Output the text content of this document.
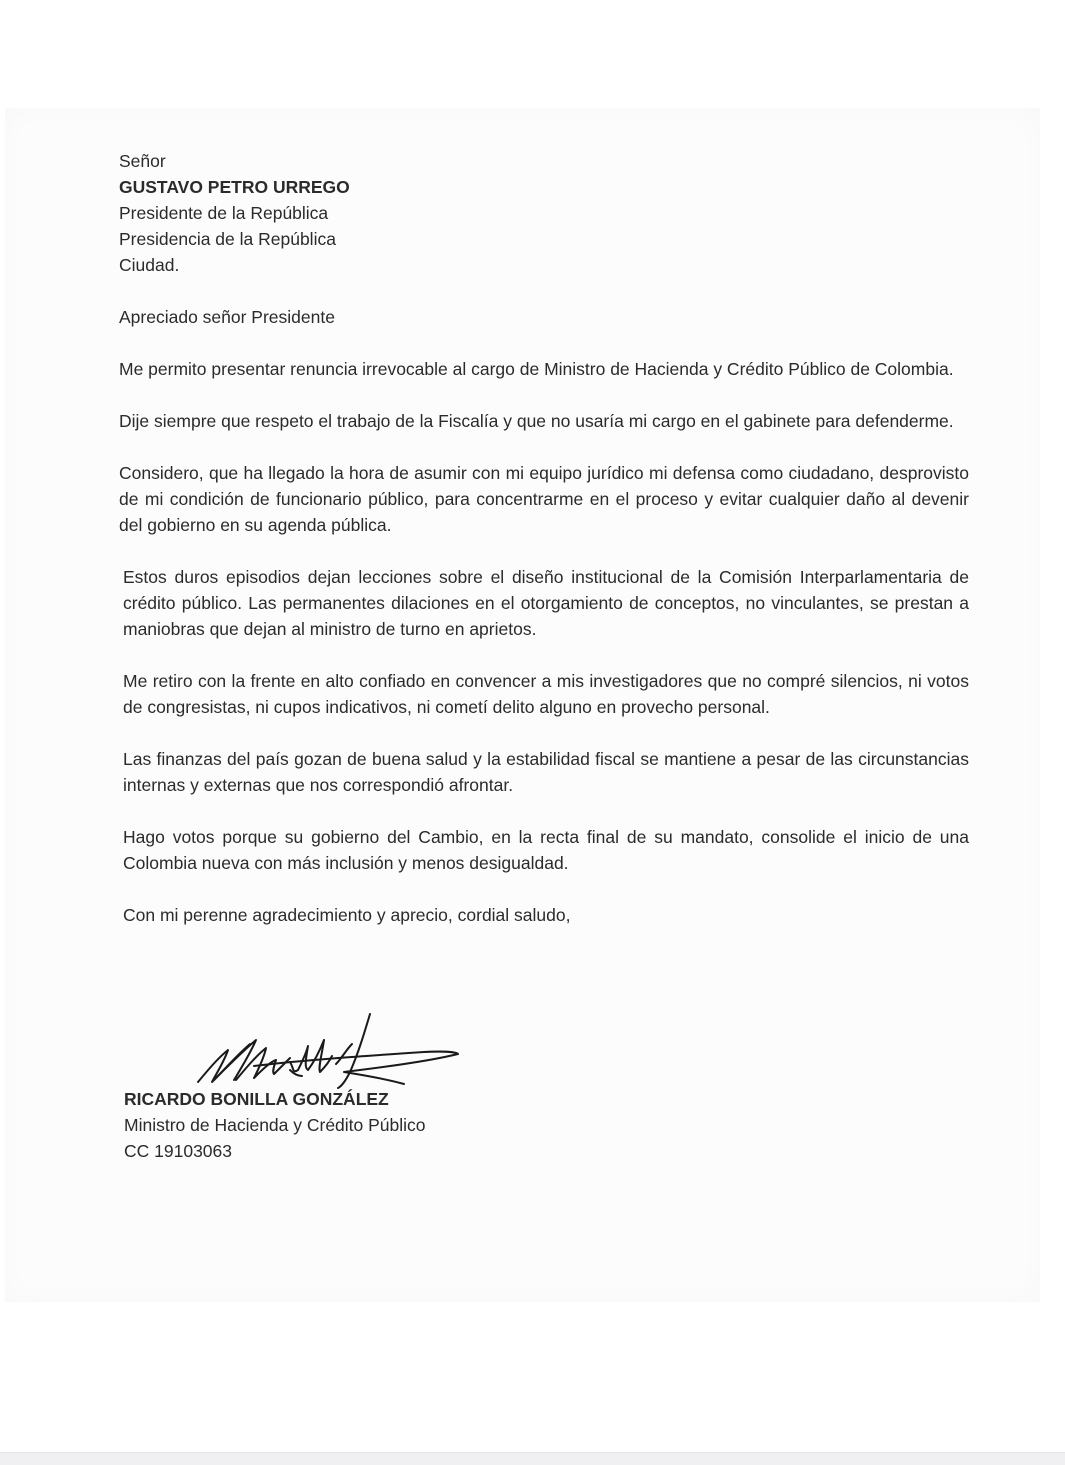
Señor
GUSTAVO PETRO URREGO
Presidente de la República
Presidencia de la República
Ciudad.
Apreciado señor Presidente

Me permito presentar renuncia irrevocable al cargo de Ministro de Hacienda y Crédito Público de Colombia.

Dije siempre que respeto el trabajo de la Fiscalía y que no usaría mi cargo en el gabinete para defenderme.

Considero, que ha llegado la hora de asumir con mi equipo jurídico mi defensa como ciudadano, desprovisto de mi condición de funcionario público, para concentrarme en el proceso y evitar cualquier daño al devenir del gobierno en su agenda pública.

Estos duros episodios dejan lecciones sobre el diseño institucional de la Comisión Interparlamentaria de crédito público. Las permanentes dilaciones en el otorgamiento de conceptos, no vinculantes, se prestan a maniobras que dejan al ministro de turno en aprietos.

Me retiro con la frente en alto confiado en convencer a mis investigadores que no compré silencios, ni votos de congresistas, ni cupos indicativos, ni cometí delito alguno en provecho personal.

Las finanzas del país gozan de buena salud y la estabilidad fiscal se mantiene a pesar de las circunstancias internas y externas que nos correspondió afrontar.

Hago votos porque su gobierno del Cambio, en la recta final de su mandato, consolide el inicio de una Colombia nueva con más inclusión y menos desigualdad.

Con mi perenne agradecimiento y aprecio, cordial saludo,

RICARDO BONILLA GONZÁLEZ
Ministro de Hacienda y Crédito Público
CC 19103063
